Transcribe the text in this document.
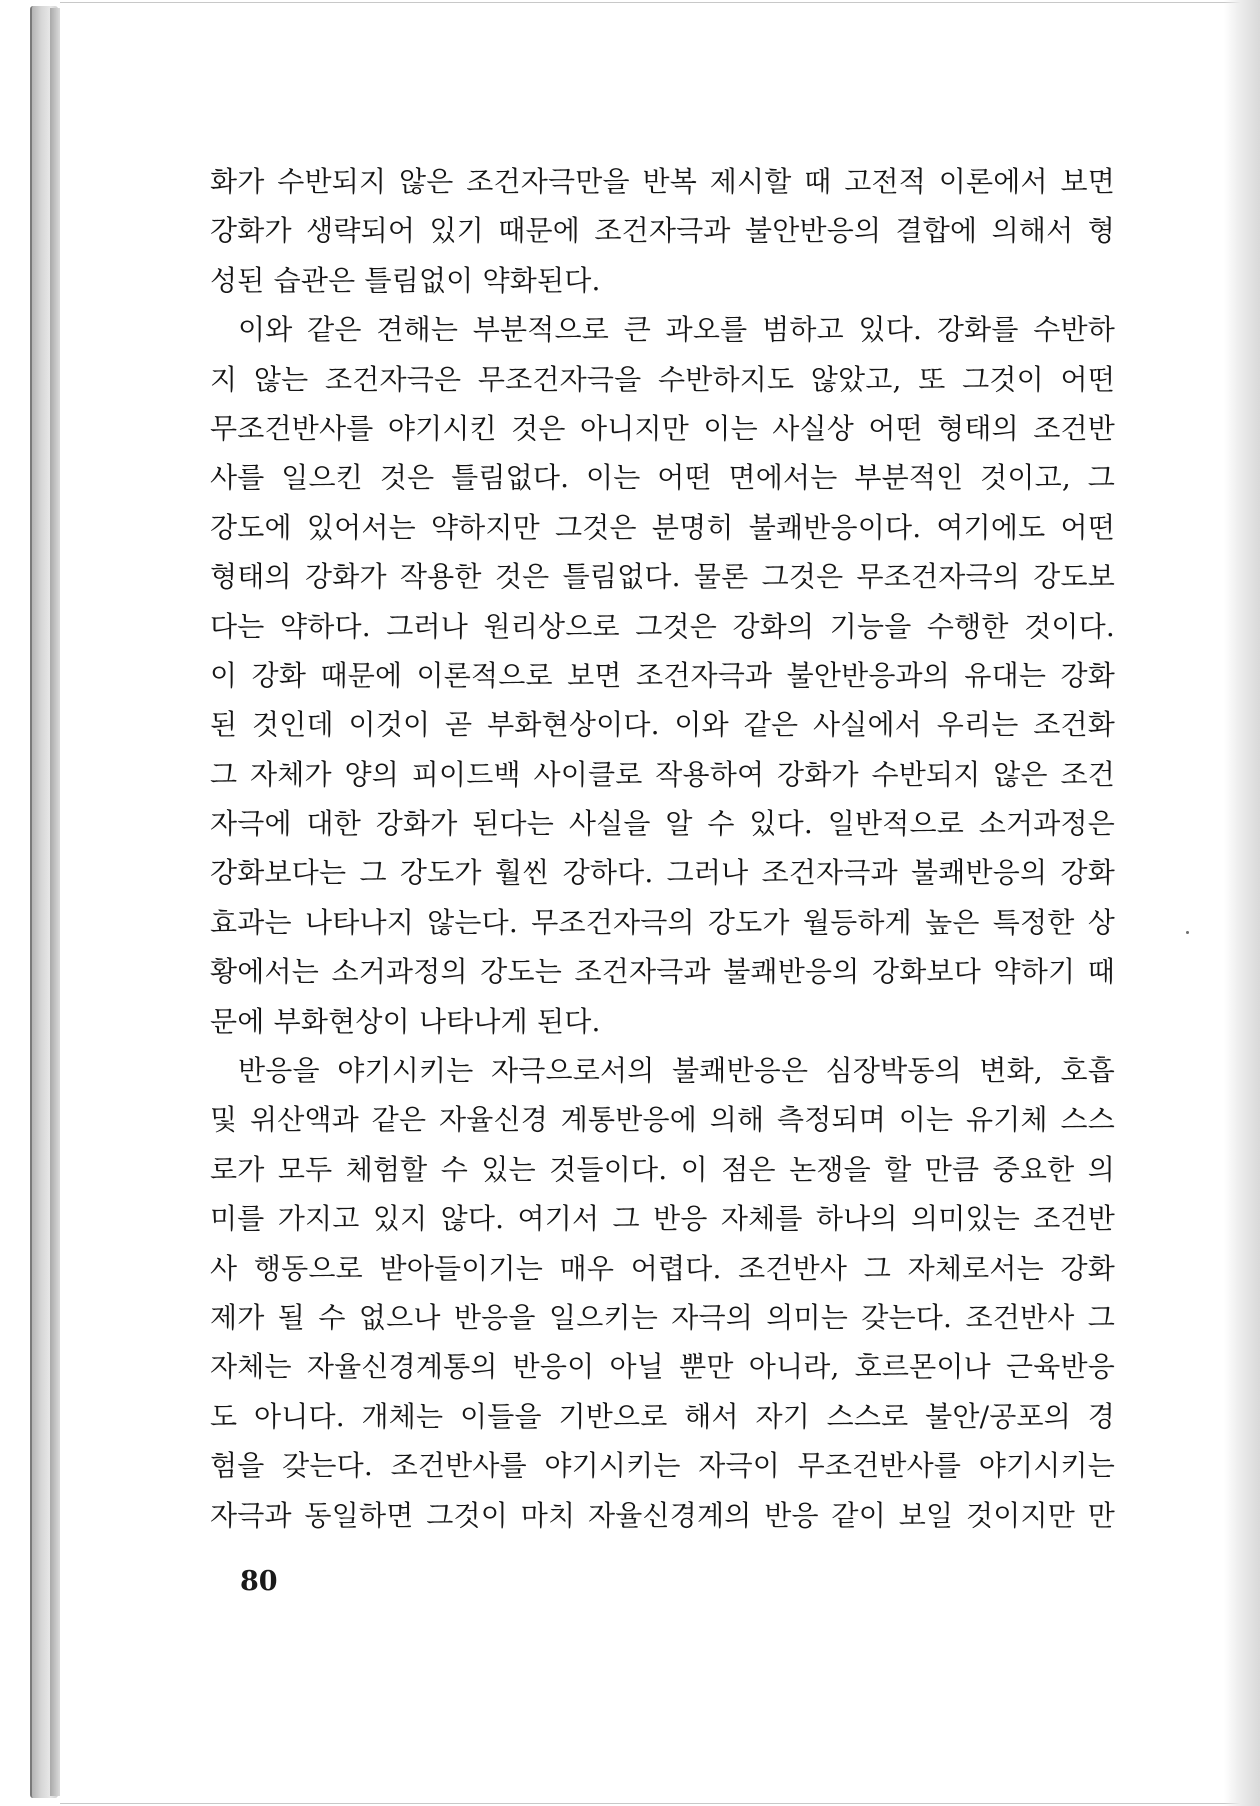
화가 수반되지 않은 조건자극만을 반복 제시할 때 고전적 이론에서 보면
강화가 생략되어 있기 때문에 조건자극과 불안반응의 결합에 의해서 형
성된 습관은 틀림없이 약화된다.
이와 같은 견해는 부분적으로 큰 과오를 범하고 있다. 강화를 수반하
지 않는 조건자극은 무조건자극을 수반하지도 않았고, 또 그것이 어떤
무조건반사를 야기시킨 것은 아니지만 이는 사실상 어떤 형태의 조건반
사를 일으킨 것은 틀림없다. 이는 어떤 면에서는 부분적인 것이고, 그
강도에 있어서는 약하지만 그것은 분명히 불쾌반응이다. 여기에도 어떤
형태의 강화가 작용한 것은 틀림없다. 물론 그것은 무조건자극의 강도보
다는 약하다. 그러나 원리상으로 그것은 강화의 기능을 수행한 것이다.
이 강화 때문에 이론적으로 보면 조건자극과 불안반응과의 유대는 강화
된 것인데 이것이 곧 부화현상이다. 이와 같은 사실에서 우리는 조건화
그 자체가 양의 피이드백 사이클로 작용하여 강화가 수반되지 않은 조건
자극에 대한 강화가 된다는 사실을 알 수 있다. 일반적으로 소거과정은
강화보다는 그 강도가 훨씬 강하다. 그러나 조건자극과 불쾌반응의 강화
효과는 나타나지 않는다. 무조건자극의 강도가 월등하게 높은 특정한 상
황에서는 소거과정의 강도는 조건자극과 불쾌반응의 강화보다 약하기 때
문에 부화현상이 나타나게 된다.
반응을 야기시키는 자극으로서의 불쾌반응은 심장박동의 변화, 호흡
및 위산액과 같은 자율신경 계통반응에 의해 측정되며 이는 유기체 스스
로가 모두 체험할 수 있는 것들이다. 이 점은 논쟁을 할 만큼 중요한 의
미를 가지고 있지 않다. 여기서 그 반응 자체를 하나의 의미있는 조건반
사 행동으로 받아들이기는 매우 어렵다. 조건반사 그 자체로서는 강화
제가 될 수 없으나 반응을 일으키는 자극의 의미는 갖는다. 조건반사 그
자체는 자율신경계통의 반응이 아닐 뿐만 아니라, 호르몬이나 근육반응
도 아니다. 개체는 이들을 기반으로 해서 자기 스스로 불안/공포의 경
험을 갖는다. 조건반사를 야기시키는 자극이 무조건반사를 야기시키는
자극과 동일하면 그것이 마치 자율신경계의 반응 같이 보일 것이지만 만
80
